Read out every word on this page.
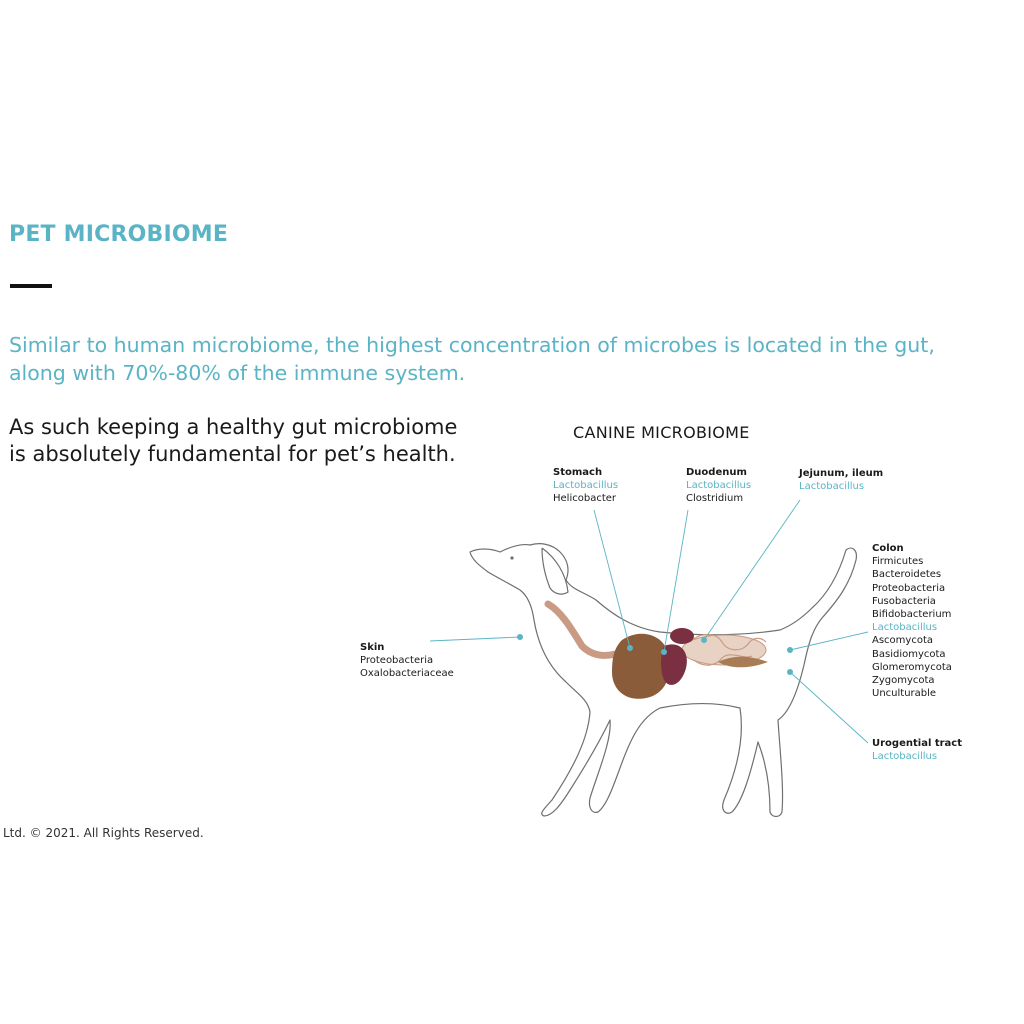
PET MICROBIOME
Similar to human microbiome, the highest concentration of microbes is located in the gut,
along with 70%-80% of the immune system.
As such keeping a healthy gut microbiome
is absolutely fundamental for pet’s health.
CANINE MICROBIOME
Stomach
Lactobacillus
Helicobacter
Duodenum
Lactobacillus
Clostridium
Jejunum, ileum
Lactobacillus
Colon
Firmicutes
Bacteroidetes
Proteobacteria
Fusobacteria
Bifidobacterium
Lactobacillus
Ascomycota
Basidiomycota
Glomeromycota
Zygomycota
Unculturable
Skin
Proteobacteria
Oxalobacteriaceae
Urogential tract
Lactobacillus
Ltd. © 2021. All Rights Reserved.
